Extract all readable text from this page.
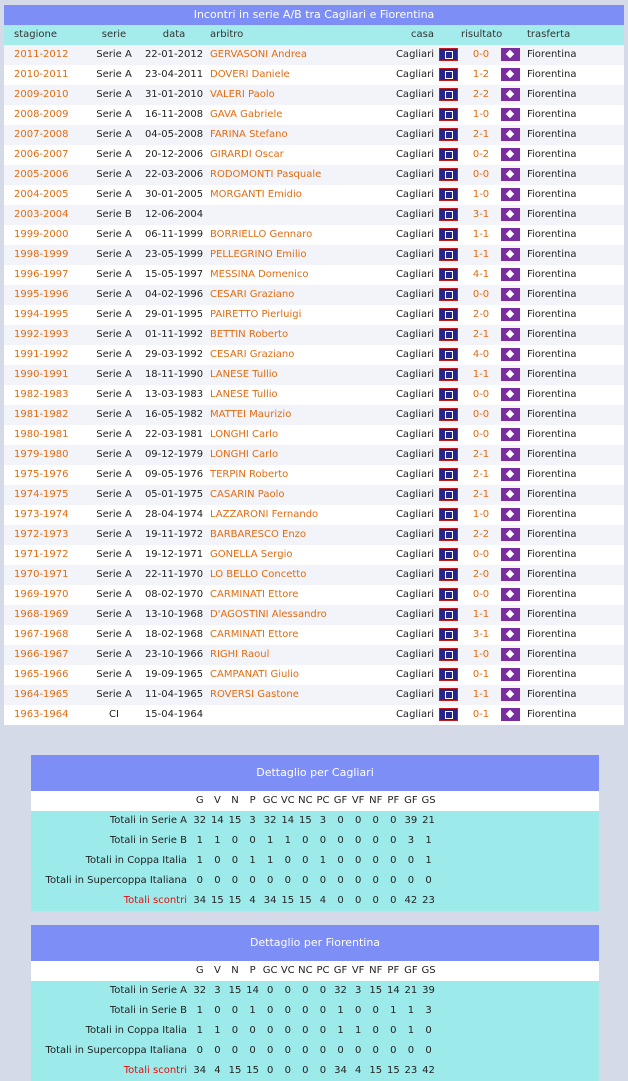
Incontri in serie A/B tra Cagliari e Fiorentina
stagione	serie	data	arbitro	casa	risultato	trasferta
2011-2012	Serie A	22-01-2012 GERVASONI Andrea	Cagliari	0-0	Fiorentina
2010-2011	Serie A	23-04-2011 DOVERI Daniele	Cagliari	1-2	Fiorentina
2009-2010	Serie A	31-01-2010 VALERI Paolo	Cagliari	2-2	Fiorentina
2008-2009	Serie A	16-11-2008 GAVA Gabriele	Cagliari	1-0	Fiorentina
2007-2008	Serie A	04-05-2008 FARINA Stefano	Cagliari	2-1	Fiorentina
2006-2007	Serie A	20-12-2006 GIRARDI Oscar	Cagliari	0-2	Fiorentina
2005-2006	Serie A	22-03-2006 RODOMONTI Pasquale	Cagliari	0-0	Fiorentina
2004-2005	Serie A	30-01-2005 MORGANTI Emidio	Cagliari	1-0	Fiorentina
2003-2004	Serie B	12-06-2004	Cagliari	3-1	Fiorentina
1999-2000	Serie A	06-11-1999 BORRIELLO Gennaro	Cagliari	1-1	Fiorentina
1998-1999	Serie A	23-05-1999 PELLEGRINO Emilio	Cagliari	1-1	Fiorentina
1996-1997	Serie A	15-05-1997 MESSINA Domenico	Cagliari	4-1	Fiorentina
1995-1996	Serie A	04-02-1996 CESARI Graziano	Cagliari	0-0	Fiorentina
1994-1995	Serie A	29-01-1995 PAIRETTO Pierluigi	Cagliari	2-0	Fiorentina
1992-1993	Serie A	01-11-1992 BETTIN Roberto	Cagliari	2-1	Fiorentina
1991-1992	Serie A	29-03-1992 CESARI Graziano	Cagliari	4-0	Fiorentina
1990-1991	Serie A	18-11-1990 LANESE Tullio	Cagliari	1-1	Fiorentina
1982-1983	Serie A	13-03-1983 LANESE Tullio	Cagliari	0-0	Fiorentina
1981-1982	Serie A	16-05-1982 MATTEI Maurizio	Cagliari	0-0	Fiorentina
1980-1981	Serie A	22-03-1981 LONGHI Carlo	Cagliari	0-0	Fiorentina
1979-1980	Serie A	09-12-1979 LONGHI Carlo	Cagliari	2-1	Fiorentina
1975-1976	Serie A	09-05-1976 TERPIN Roberto	Cagliari	2-1	Fiorentina
1974-1975	Serie A	05-01-1975 CASARIN Paolo	Cagliari	2-1	Fiorentina
1973-1974	Serie A	28-04-1974 LAZZARONI Fernando	Cagliari	1-0	Fiorentina
1972-1973	Serie A	19-11-1972 BARBARESCO Enzo	Cagliari	2-2	Fiorentina
1971-1972	Serie A	19-12-1971 GONELLA Sergio	Cagliari	0-0	Fiorentina
1970-1971	Serie A	22-11-1970 LO BELLO Concetto	Cagliari	2-0	Fiorentina
1969-1970	Serie A	08-02-1970 CARMINATI Ettore	Cagliari	0-0	Fiorentina
1968-1969	Serie A	13-10-1968 D'AGOSTINI Alessandro	Cagliari	1-1	Fiorentina
1967-1968	Serie A	18-02-1968 CARMINATI Ettore	Cagliari	3-1	Fiorentina
1966-1967	Serie A	23-10-1966 RIGHI Raoul	Cagliari	1-0	Fiorentina
1965-1966	Serie A	19-09-1965 CAMPANATI Giulio	Cagliari	0-1	Fiorentina
1964-1965	Serie A	11-04-1965 ROVERSI Gastone	Cagliari	1-1	Fiorentina
1963-1964	CI	15-04-1964	Cagliari	0-1	Fiorentina
Dettaglio per Cagliari
G	V	N	P GC VC NC PC GF VF NF PF GF GS
Totali in Serie A 32 14 15 3 32 14 15 3	0	0	0	0 39 21
Totali in Serie B 1	1	0	0	1	1	0	0	0	0	0	0	3	1
Totali in Coppa Italia 1	0	0	1	1	0	0	1	0	0	0	0	0	1
Totali in Supercoppa Italiana 0	0	0	0	0	0	0	0	0	0	0	0	0	0
Totali scontri 34 15 15 4 34 15 15 4	0	0	0	0 42 23
Dettaglio per Fiorentina
G	V	N	P GC VC NC PC GF VF NF PF GF GS
Totali in Serie A 32 3 15 14 0	0	0	0 32 3 15 14 21 39
Totali in Serie B 1	0	0	1	0	0	0	0	1	0	0	1	1	3
Totali in Coppa Italia 1	1	0	0	0	0	0	0	1	1	0	0	1	0
Totali in Supercoppa Italiana 0	0	0	0	0	0	0	0	0	0	0	0	0	0
Totali scontri 34 4 15 15 0	0	0	0 34 4 15 15 23 42
